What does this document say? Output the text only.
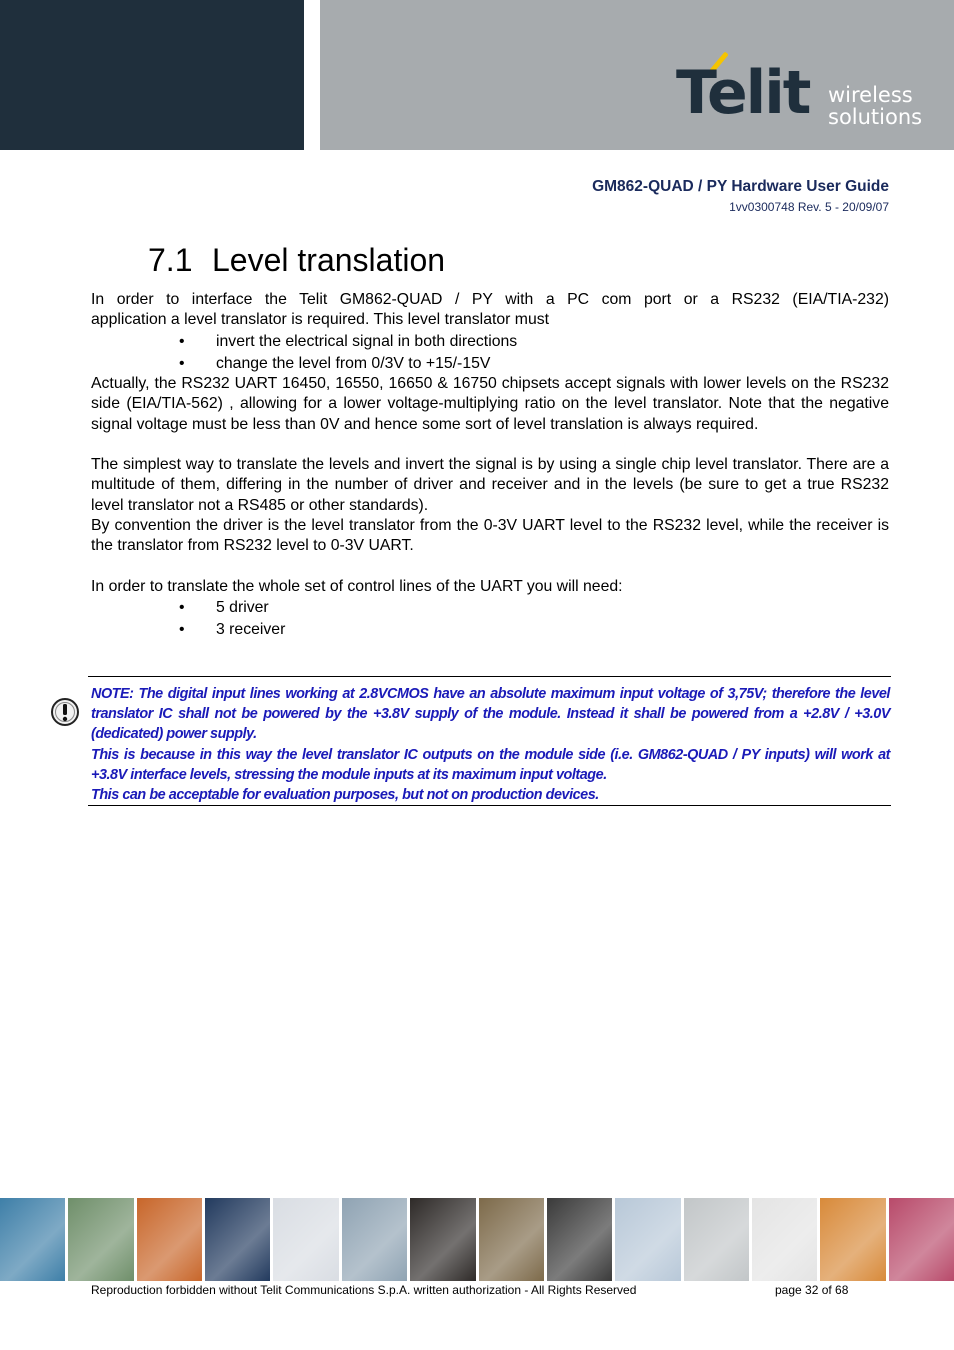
Telit wireless
solutions
GM862-QUAD / PY Hardware User Guide
1vv0300748 Rev. 5 - 20/09/07
7.1 Level translation
In order to interface the Telit GM862-QUAD / PY with a PC com port or a RS232 (EIA/TIA-232)
application a level translator is required. This level translator must
• invert the electrical signal in both directions
• change the level from 0/3V to +15/-15V
Actually, the RS232 UART 16450, 16550, 16650 & 16750 chipsets accept signals with lower levels on the RS232 side (EIA/TIA-562) , allowing for a lower voltage-multiplying ratio on the level translator. Note that the negative signal voltage must be less than 0V and hence some sort of level translation is always required.
The simplest way to translate the levels and invert the signal is by using a single chip level translator. There are a multitude of them, differing in the number of driver and receiver and in the levels (be sure to get a true RS232 level translator not a RS485 or other standards).
By convention the driver is the level translator from the 0-3V UART level to the RS232 level, while the receiver is the translator from RS232 level to 0-3V UART.
In order to translate the whole set of control lines of the UART you will need:
• 5 driver
• 3 receiver

NOTE: The digital input lines working at 2.8VCMOS have an absolute maximum input voltage of 3,75V; therefore the level translator IC shall not be powered by the +3.8V supply of the module. Instead it shall be powered from a +2.8V / +3.0V (dedicated) power supply.

This is because in this way the level translator IC outputs on the module side (i.e. GM862-QUAD / PY inputs) will work at +3.8V interface levels, stressing the module inputs at its maximum input voltage.

This can be acceptable for evaluation purposes, but not on production devices.

Reproduction forbidden without Telit Communications S.p.A. written authorization - All Rights Reserved	page 32 of 68
